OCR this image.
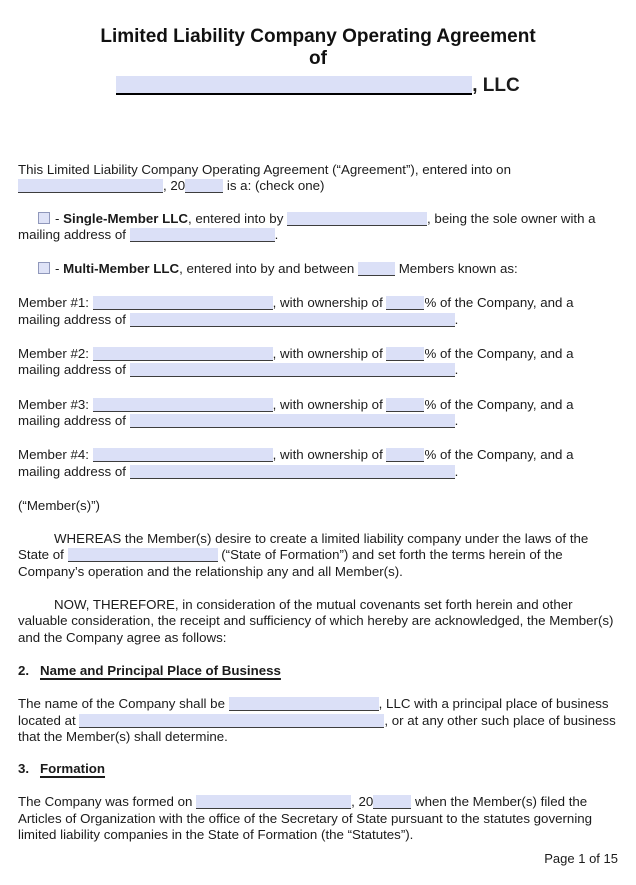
Limited Liability Company Operating Agreement

of

, LLC

This Limited Liability Company Operating Agreement (“Agreement”), entered into on , 20	is a: (check one)

- Single-Member LLC, entered into by	, being the sole owner with a mailing address of	.

- Multi-Member LLC, entered into by and between	Members known as:

Member #1:	, with ownership of	% of the Company, and a mailing address of	.

Member #2:	, with ownership of	% of the Company, and a mailing address of	.

Member #3:	, with ownership of	% of the Company, and a mailing address of	.

Member #4:	, with ownership of	% of the Company, and a mailing address of	.

(“Member(s)”)

WHEREAS the Member(s) desire to create a limited liability company under the laws of the State of	(“State of Formation”) and set forth the terms herein of the Company’s operation and the relationship any and all Member(s).

NOW, THEREFORE, in consideration of the mutual covenants set forth herein and other valuable consideration, the receipt and sufficiency of which hereby are acknowledged, the Member(s) and the Company agree as follows:

2. Name and Principal Place of Business

The name of the Company shall be	, LLC with a principal place of business located at	, or at any other such place of business that the Member(s) shall determine.

3. Formation

The Company was formed on	, 20	when the Member(s) filed the Articles of Organization with the office of the Secretary of State pursuant to the statutes governing limited liability companies in the State of Formation (the “Statutes”).

Page 1 of 15
